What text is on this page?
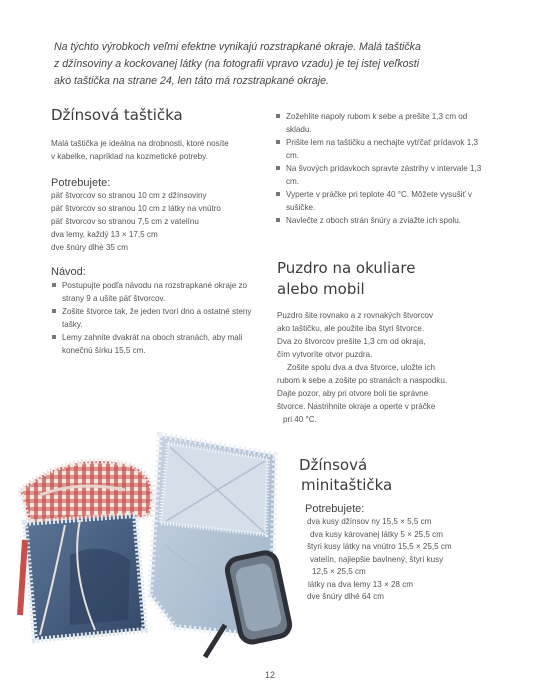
Na týchto výrobkoch veľmi efektne vynikajú rozstrapkané okraje. Malá taštička
z džínsoviny a kockovanej látky (na fotografii vpravo vzadu) je tej istej veľkosti
ako taštička na strane 24, len táto má rozstrapkané okraje.
Džínsová taštička
Malá taštička je ideálna na drobnosti, ktoré nosíte
v kabelke, napríklad na kozmetické potreby.
Potrebujete:
päť štvorcov so stranou 10 cm z džínsoviny
päť štvorcov so stranou 10 cm z látky na vnútro
päť štvorcov so stranou 7,5 cm z vatelínu
dva lemy, každý 13 × 17,5 cm
dve šnúry dlhé 35 cm
Návod:
Postupujte podľa návodu na rozstrapkané okraje zo strany 9 a ušite päť štvorcov.
Zošite štvorce tak, že jeden tvorí dno a ostatné steny tašky.
Lemy zahnite dvakrát na oboch stranách, aby mali konečnú šírku 15,5 cm.
Zožehlite napoly rubom k sebe a prešite 1,3 cm od skladu.
Prišite lem na taštičku a nechajte vytŕčať prídavok 1,3 cm.
Na švových prídavkoch spravte zástrihy v intervale 1,3 cm.
Vyperte v práčke pri teplote 40 °C. Môžete vysušiť v sušičke.
Navlečte z oboch strán šnúry a zviažte ich spolu.
Puzdro na okuliare
alebo mobil
Puzdro šite rovnako a z rovnakých štvorcov
ako taštičku, ale použite iba štyri štvorce.
Dva zo štvorcov prešite 1,3 cm od okraja,
čím vytvoríte otvor puzdra.
Zošite spolu dva a dva štvorce, uložte ich
rubom k sebe a zošite po stranách a naspodku.
Dajte pozor, aby pri otvore boli tie správne
štvorce. Nastrihnite okraje a operte v práčke
pri 40 °C.
Džínsová
minitaštička
Potrebujete:
dva kusy džínsov ny 15,5 × 5,5 cm
dva kusy károvanej látky 5 × 25,5 cm
štyri kusy látky na vnútro 15,5 × 25,5 cm
vatelín, najlepšie bavlnený, štyri kusy
12,5 × 25,5 cm
látky na dva lemy 13 × 28 cm
dve šnúry dlhé 64 cm
12
